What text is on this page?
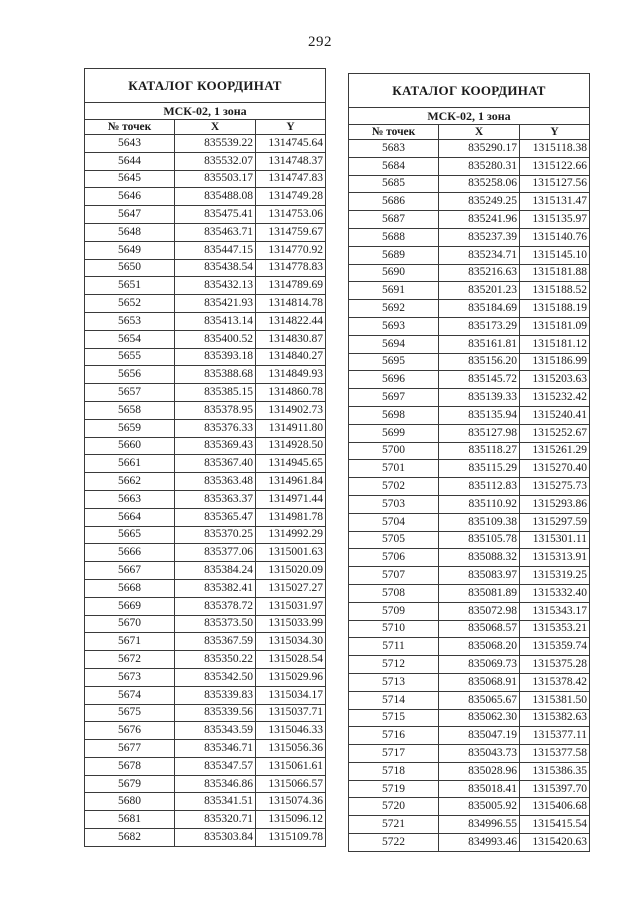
292
КАТАЛОГ КООРДИНАТ		
МСК-02, 1 зона		
№ точек	X	Y
5643	835539.22	1314745.64
5644	835532.07	1314748.37
5645	835503.17	1314747.83
5646	835488.08	1314749.28
5647	835475.41	1314753.06
5648	835463.71	1314759.67
5649	835447.15	1314770.92
5650	835438.54	1314778.83
5651	835432.13	1314789.69
5652	835421.93	1314814.78
5653	835413.14	1314822.44
5654	835400.52	1314830.87
5655	835393.18	1314840.27
5656	835388.68	1314849.93
5657	835385.15	1314860.78
5658	835378.95	1314902.73
5659	835376.33	1314911.80
5660	835369.43	1314928.50
5661	835367.40	1314945.65
5662	835363.48	1314961.84
5663	835363.37	1314971.44
5664	835365.47	1314981.78
5665	835370.25	1314992.29
5666	835377.06	1315001.63
5667	835384.24	1315020.09
5668	835382.41	1315027.27
5669	835378.72	1315031.97
5670	835373.50	1315033.99
5671	835367.59	1315034.30
5672	835350.22	1315028.54
5673	835342.50	1315029.96
5674	835339.83	1315034.17
5675	835339.56	1315037.71
5676	835343.59	1315046.33
5677	835346.71	1315056.36
5678	835347.57	1315061.61
5679	835346.86	1315066.57
5680	835341.51	1315074.36
5681	835320.71	1315096.12
5682	835303.84	1315109.78
КАТАЛОГ КООРДИНАТ		
МСК-02, 1 зона		
№ точек	X	Y
5683	835290.17	1315118.38
5684	835280.31	1315122.66
5685	835258.06	1315127.56
5686	835249.25	1315131.47
5687	835241.96	1315135.97
5688	835237.39	1315140.76
5689	835234.71	1315145.10
5690	835216.63	1315181.88
5691	835201.23	1315188.52
5692	835184.69	1315188.19
5693	835173.29	1315181.09
5694	835161.81	1315181.12
5695	835156.20	1315186.99
5696	835145.72	1315203.63
5697	835139.33	1315232.42
5698	835135.94	1315240.41
5699	835127.98	1315252.67
5700	835118.27	1315261.29
5701	835115.29	1315270.40
5702	835112.83	1315275.73
5703	835110.92	1315293.86
5704	835109.38	1315297.59
5705	835105.78	1315301.11
5706	835088.32	1315313.91
5707	835083.97	1315319.25
5708	835081.89	1315332.40
5709	835072.98	1315343.17
5710	835068.57	1315353.21
5711	835068.20	1315359.74
5712	835069.73	1315375.28
5713	835068.91	1315378.42
5714	835065.67	1315381.50
5715	835062.30	1315382.63
5716	835047.19	1315377.11
5717	835043.73	1315377.58
5718	835028.96	1315386.35
5719	835018.41	1315397.70
5720	835005.92	1315406.68
5721	834996.55	1315415.54
5722	834993.46	1315420.63
